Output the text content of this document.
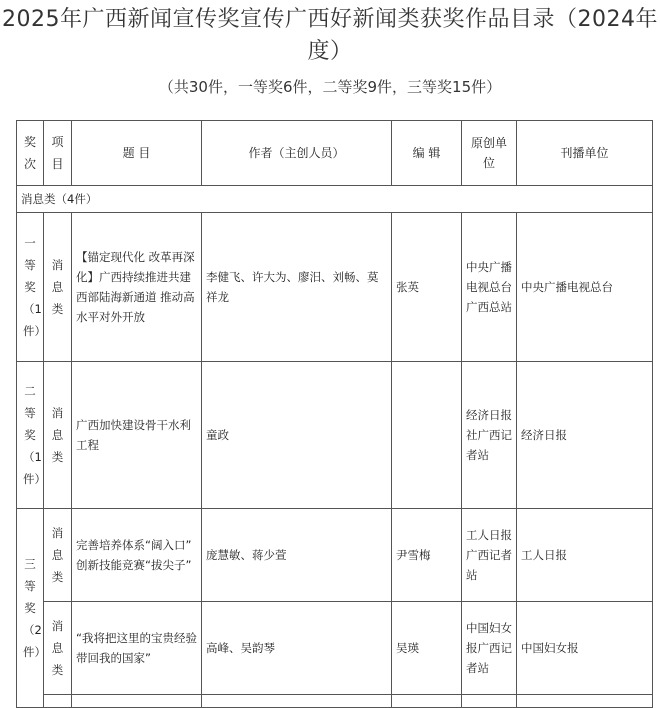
2025年广西新闻宣传奖宣传广西好新闻类获奖作品目录（2024年度）
（共30件，一等奖6件，二等奖9件，三等奖15件）
奖次	项目	题 目	作者（主创人员）	编 辑	原创单位	刊播单位
消息类（4件）						

一等奖（1件）	消息类	【锚定现代化 改革再深化】广西持续推进共建西部陆海新通道 推动高水平对外开放	李健飞、许大为、廖汨、刘畅、莫祥龙	张英	中央广播电视总台广西总站	中央广播电视总台

二等奖（1件）	消息类	广西加快建设骨干水利工程	童政		经济日报社广西记者站	经济日报

三等奖（2件）	消息类	完善培养体系“阔入口” 创新技能竞赛“拔尖子”	庞慧敏、蒋少萱	尹雪梅	工人日报广西记者站	工人日报

	消息类	“我将把这里的宝贵经验带回我的国家”	高峰、吴韵琴	吴瑛	中国妇女报广西记者站	中国妇女报
